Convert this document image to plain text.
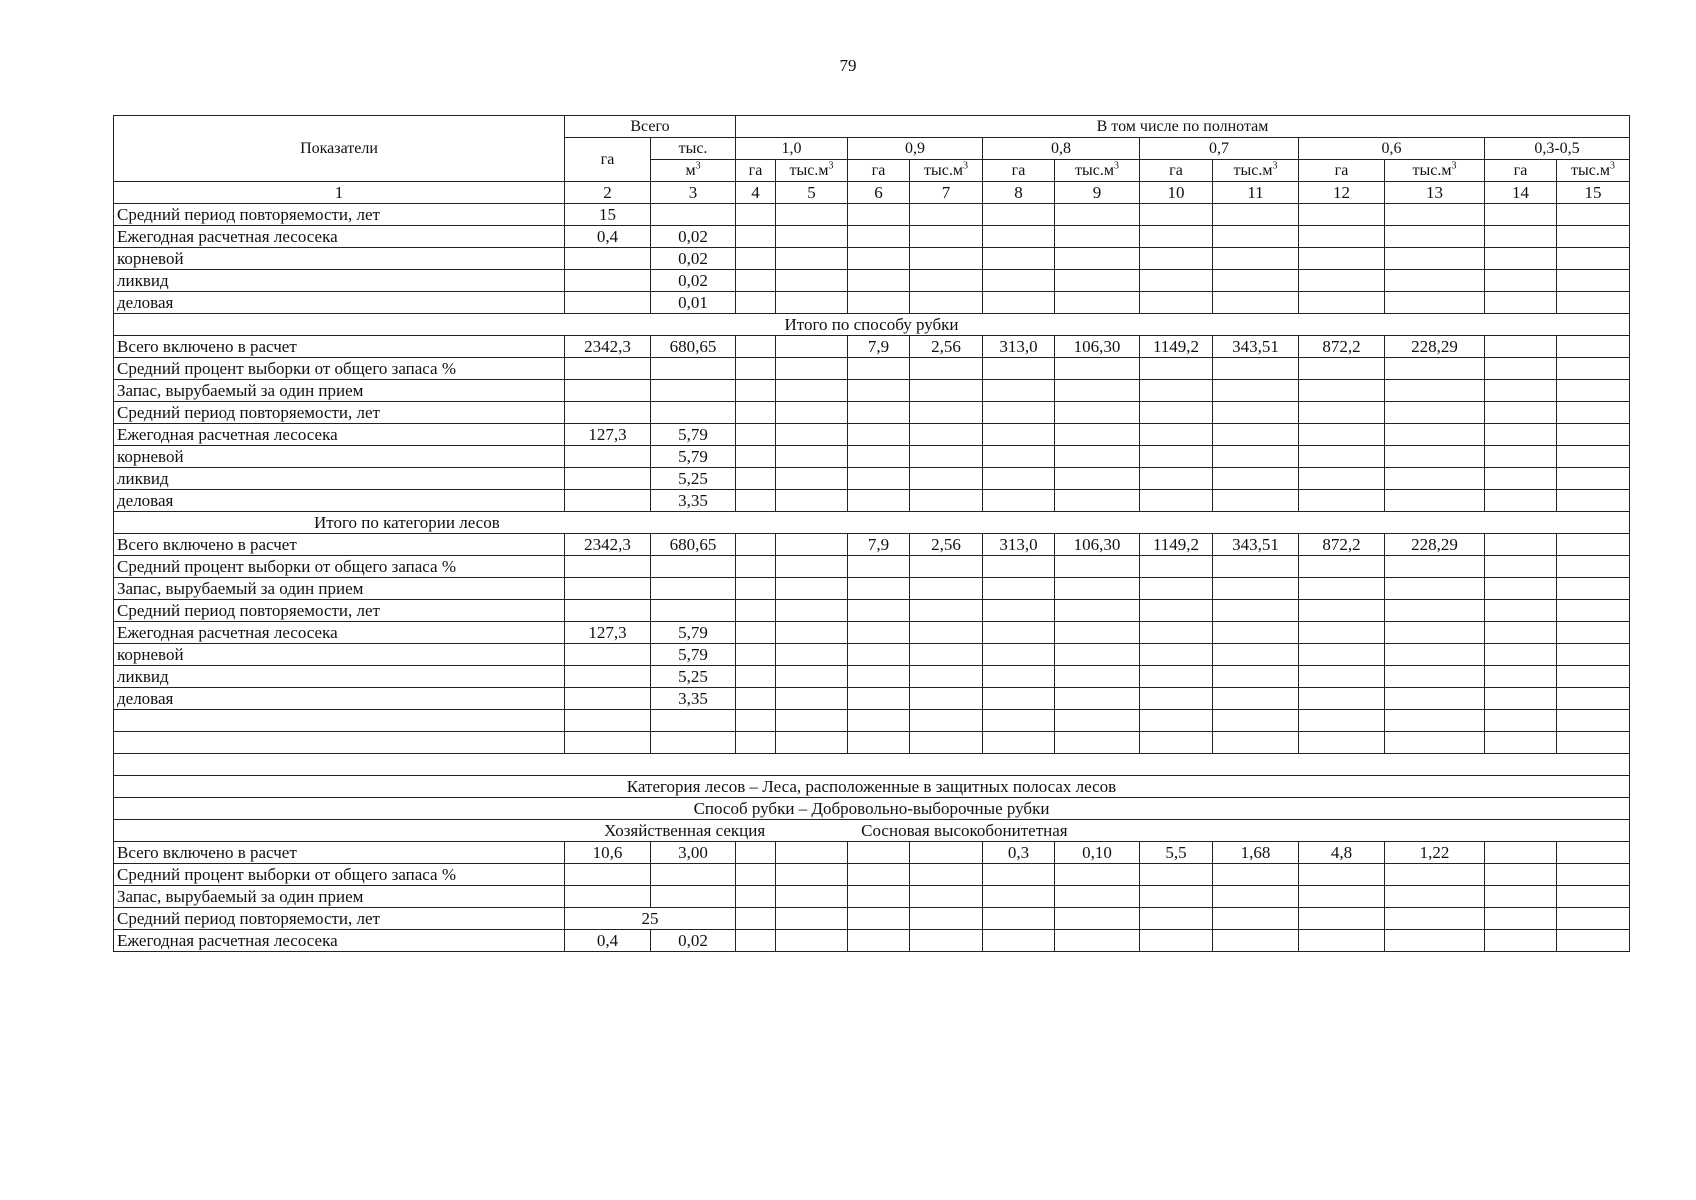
79
Показатели	Всего		В том числе по полнотам											
	га	тыс.	1,0		0,9		0,8		0,7		0,6		0,3-0,5	
		$м^3$	га	$тыс.м^3$	га	$тыс.м^3$	га	$тыс.м^3$	га	$тыс.м^3$	га	$тыс.м^3$	га	$тыс.м^3$
1	2	3	4	5	6	7	8	9	10	11	12	13	14	15
Средний период повторяемости, лет	15													
Ежегодная расчетная лесосека	0,4	0,02												
корневой		0,02												
ликвид		0,02												
деловая		0,01												
Итого по способу рубки														
Всего включено в расчет	2342,3	680,65			7,9	2,56	313,0	106,30	1149,2	343,51	872,2	228,29		
Средний процент выборки от общего запаса %														
Запас, вырубаемый за один прием														
Средний период повторяемости, лет														
Ежегодная расчетная лесосека	127,3	5,79												
корневой		5,79												
ликвид		5,25												
деловая		3,35												
Итого по категории лесов														
Всего включено в расчет	2342,3	680,65			7,9	2,56	313,0	106,30	1149,2	343,51	872,2	228,29		
Средний процент выборки от общего запаса %														
Запас, вырубаемый за один прием														
Средний период повторяемости, лет														
Ежегодная расчетная лесосека	127,3	5,79												
корневой		5,79												
ликвид		5,25												
деловая		3,35												

Категория лесов – Леса, расположенные в защитных полосах лесов														
Способ рубки – Добровольно-выборочные рубки														
Хозяйственная секция Сосновая высокобонитетная														
Всего включено в расчет	10,6	3,00					0,3	0,10	5,5	1,68	4,8	1,22		
Средний процент выборки от общего запаса %														
Запас, вырубаемый за один прием														
Средний период повторяемости, лет	25													
Ежегодная расчетная лесосека	0,4	0,02												
